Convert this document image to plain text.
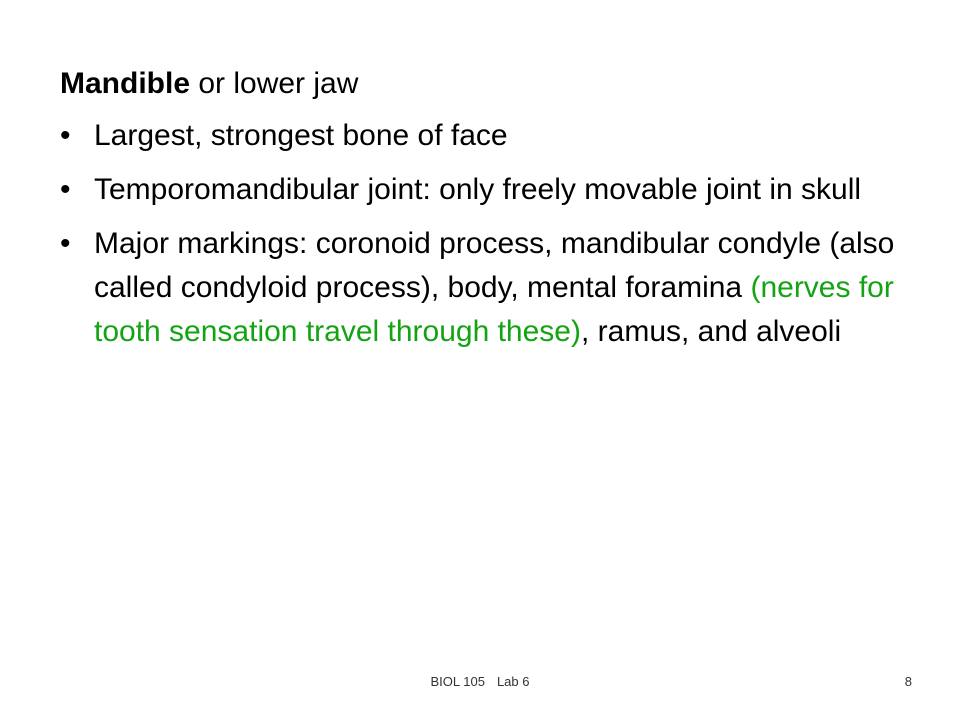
Mandible or lower jaw
• Largest, strongest bone of face
• Temporomandibular joint: only freely movable joint in skull
• Major markings: coronoid process, mandibular condyle (also called condyloid process), body, mental foramina (nerves for tooth sensation travel through these), ramus, and alveoli
BIOL 105 Lab 6	8
